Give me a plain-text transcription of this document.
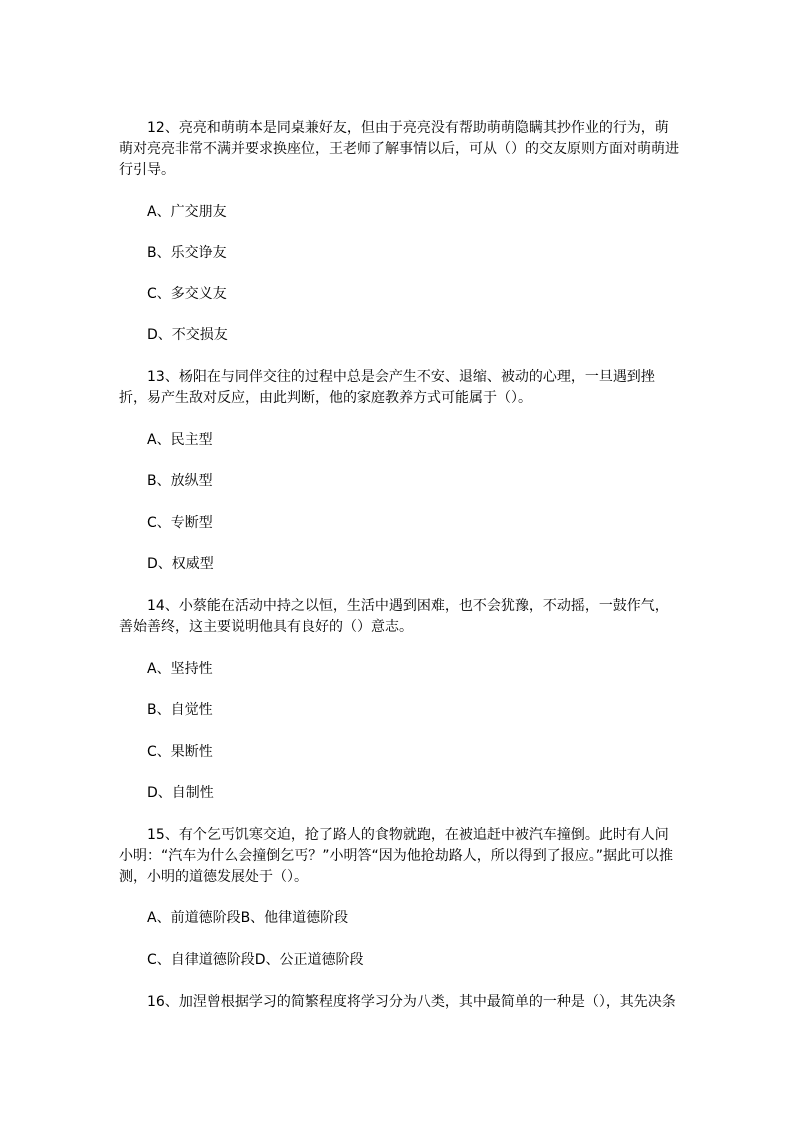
12、亮亮和萌萌本是同桌兼好友，但由于亮亮没有帮助萌萌隐瞒其抄作业的行为，萌萌对亮亮非常不满并要求换座位，王老师了解事情以后，可从（）的交友原则方面对萌萌进行引导。

A、广交朋友

B、乐交诤友

C、多交义友

D、不交损友

13、杨阳在与同伴交往的过程中总是会产生不安、退缩、被动的心理，一旦遇到挫折，易产生敌对反应，由此判断，他的家庭教养方式可能属于（）。

A、民主型

B、放纵型

C、专断型

D、权威型

14、小蔡能在活动中持之以恒，生活中遇到困难，也不会犹豫，不动摇，一鼓作气，善始善终，这主要说明他具有良好的（）意志。

A、坚持性

B、自觉性

C、果断性

D、自制性

15、有个乞丐饥寒交迫，抢了路人的食物就跑，在被追赶中被汽车撞倒。此时有人问小明：“汽车为什么会撞倒乞丐？”小明答“因为他抢劫路人，所以得到了报应。”据此可以推测，小明的道德发展处于（）。

A、前道德阶段B、他律道德阶段

C、自律道德阶段D、公正道德阶段

16、加涅曾根据学习的简繁程度将学习分为八类，其中最简单的一种是（），其先决条
